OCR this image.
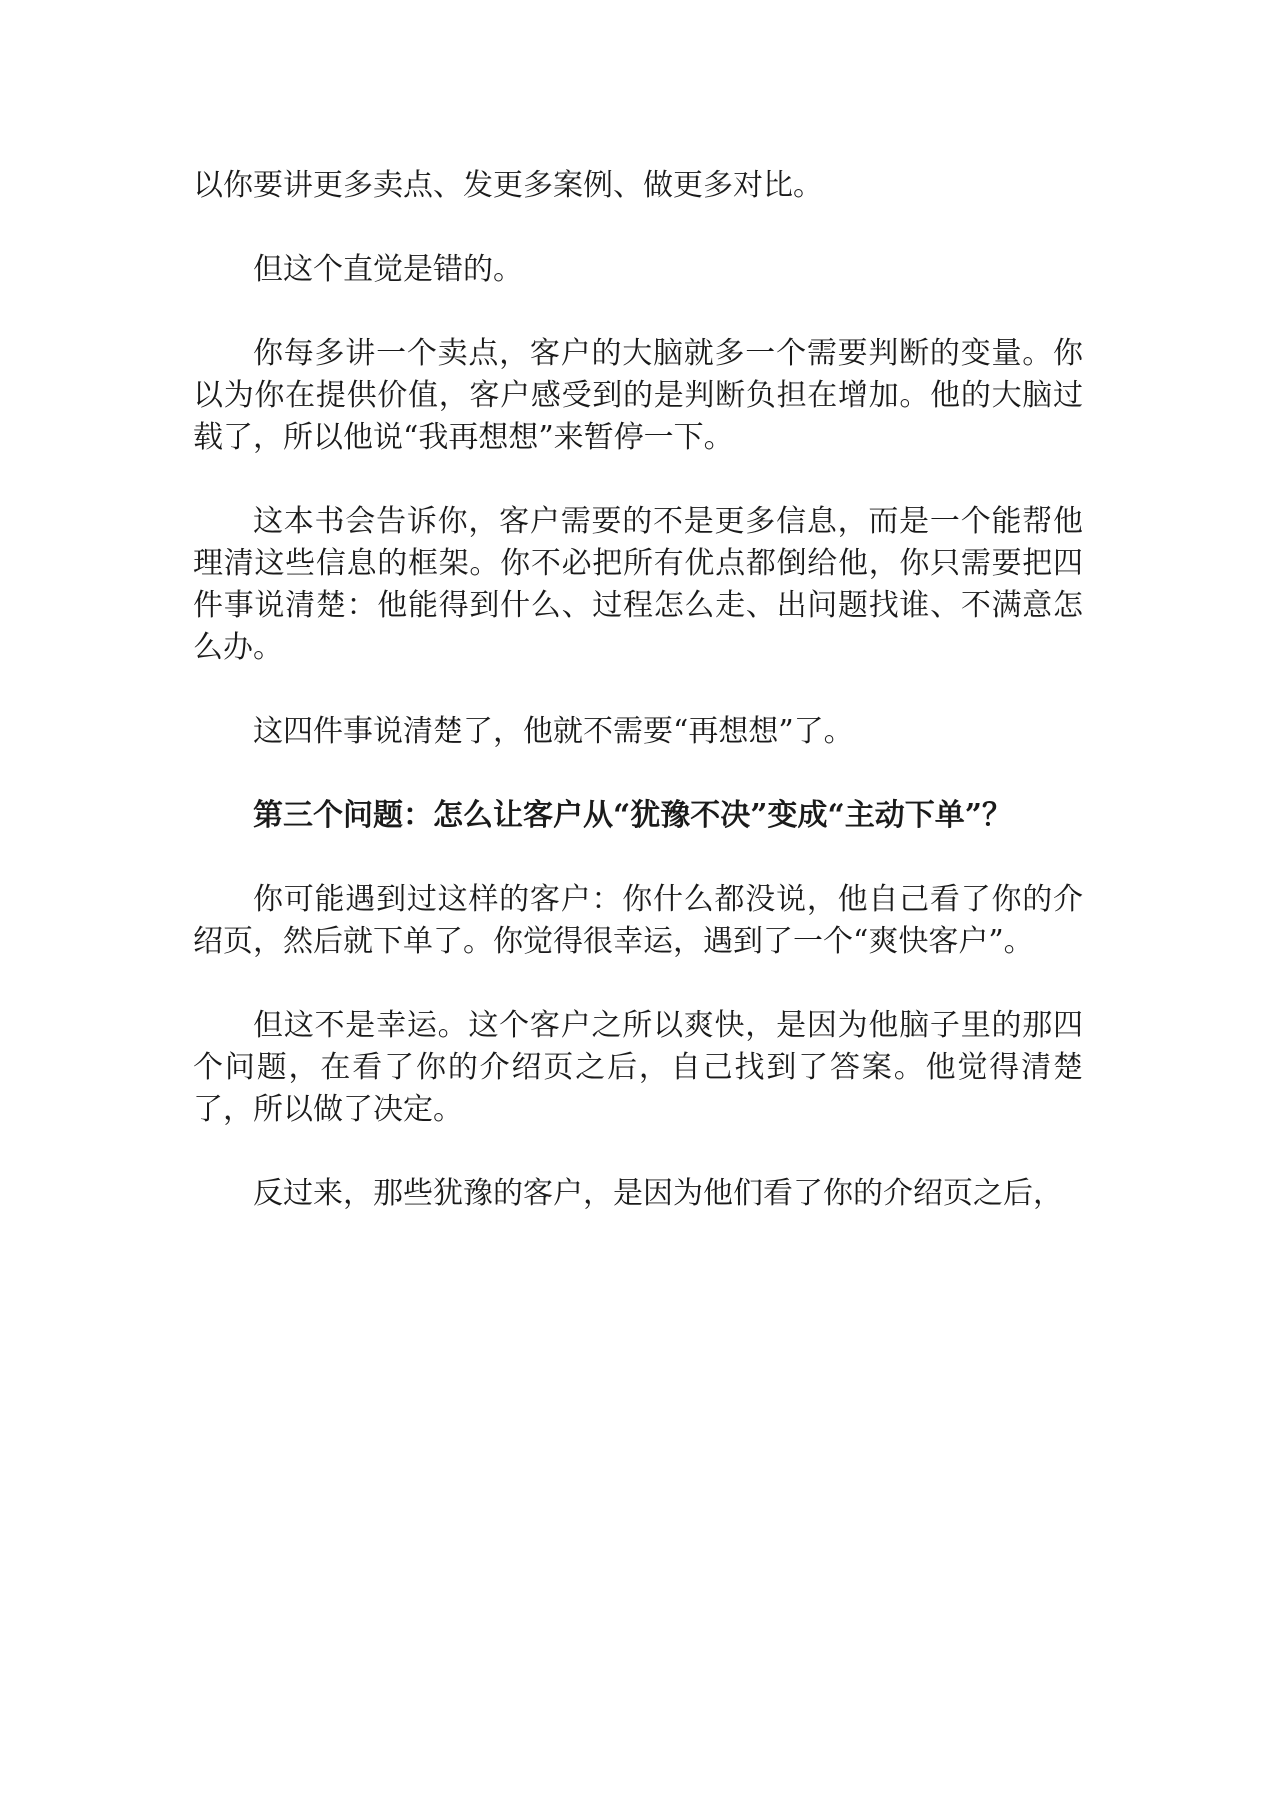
以你要讲更多卖点、发更多案例、做更多对比。

但这个直觉是错的。

你每多讲一个卖点，客户的大脑就多一个需要判断的变量。你以为你在提供价值，客户感受到的是判断负担在增加。他的大脑过载了，所以他说“我再想想”来暂停一下。

这本书会告诉你，客户需要的不是更多信息，而是一个能帮他理清这些信息的框架。你不必把所有优点都倒给他，你只需要把四件事说清楚：他能得到什么、过程怎么走、出问题找谁、不满意怎么办。

这四件事说清楚了，他就不需要“再想想”了。

第三个问题：怎么让客户从“犹豫不决”变成“主动下单”？

你可能遇到过这样的客户：你什么都没说，他自己看了你的介绍页，然后就下单了。你觉得很幸运，遇到了一个“爽快客户”。

但这不是幸运。这个客户之所以爽快，是因为他脑子里的那四个问题，在看了你的介绍页之后，自己找到了答案。他觉得清楚了，所以做了决定。

反过来，那些犹豫的客户，是因为他们看了你的介绍页之后，
